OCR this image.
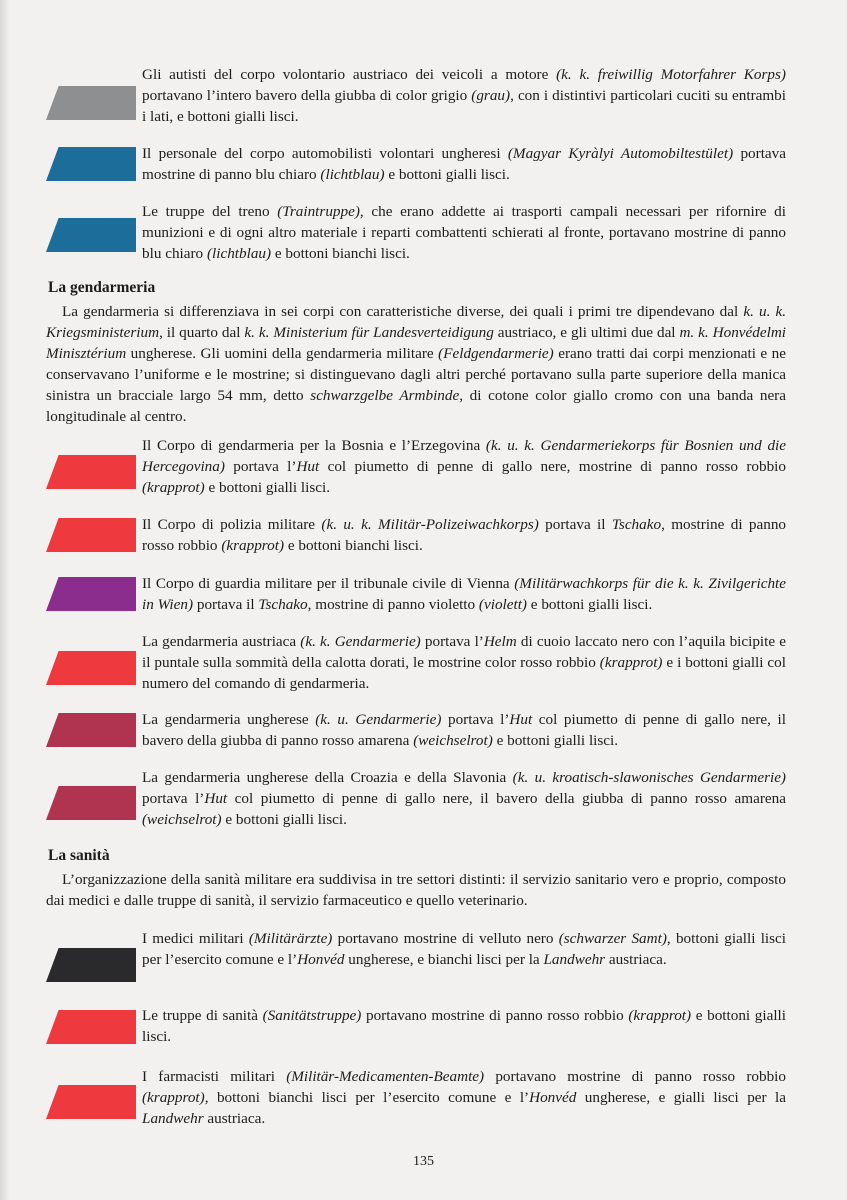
Gli autisti del corpo volontario austriaco dei veicoli a motore (k. k. freiwillig Motorfahrer Korps) portavano l’intero bavero della giubba di color grigio (grau), con i distintivi particolari cuciti su entrambi i lati, e bottoni gialli lisci.
Il personale del corpo automobilisti volontari ungheresi (Magyar Kyràlyi Automobiltestület) portava mostrine di panno blu chiaro (lichtblau) e bottoni gialli lisci.
Le truppe del treno (Traintruppe), che erano addette ai trasporti campali necessari per rifornire di munizioni e di ogni altro materiale i reparti combattenti schierati al fronte, portavano mostrine di panno blu chiaro (lichtblau) e bottoni bianchi lisci.
La gendarmeria
La gendarmeria si differenziava in sei corpi con caratteristiche diverse, dei quali i primi tre dipendevano dal k. u. k. Kriegsministerium, il quarto dal k. k. Ministerium für Landesverteidigung austriaco, e gli ultimi due dal m. k. Honvédelmi Minisztérium ungherese. Gli uomini della gendarmeria militare (Feldgendarmerie) erano tratti dai corpi menzionati e ne conservavano l’uniforme e le mostrine; si distinguevano dagli altri perché portavano sulla parte superiore della manica sinistra un bracciale largo 54 mm, detto schwarzgelbe Armbinde, di cotone color giallo cromo con una banda nera longitudinale al centro.
Il Corpo di gendarmeria per la Bosnia e l’Erzegovina (k. u. k. Gendarmeriekorps für Bosnien und die Hercegovina) portava l’Hut col piumetto di penne di gallo nere, mostrine di panno rosso robbio (krapprot) e bottoni gialli lisci.
Il Corpo di polizia militare (k. u. k. Militär-Polizeiwachkorps) portava il Tschako, mostrine di panno rosso robbio (krapprot) e bottoni bianchi lisci.
Il Corpo di guardia militare per il tribunale civile di Vienna (Militärwachkorps für die k. k. Zivilgerichte in Wien) portava il Tschako, mostrine di panno violetto (violett) e bottoni gialli lisci.
La gendarmeria austriaca (k. k. Gendarmerie) portava l’Helm di cuoio laccato nero con l’aquila bicipite e il puntale sulla sommità della calotta dorati, le mostrine color rosso robbio (krapprot) e i bottoni gialli col numero del comando di gendarmeria.
La gendarmeria ungherese (k. u. Gendarmerie) portava l’Hut col piumetto di penne di gallo nere, il bavero della giubba di panno rosso amarena (weichselrot) e bottoni gialli lisci.
La gendarmeria ungherese della Croazia e della Slavonia (k. u. kroatisch-slawonisches Gendarmerie) portava l’Hut col piumetto di penne di gallo nere, il bavero della giubba di panno rosso amarena (weichselrot) e bottoni gialli lisci.
La sanità
L’organizzazione della sanità militare era suddivisa in tre settori distinti: il servizio sanitario vero e proprio, composto dai medici e dalle truppe di sanità, il servizio farmaceutico e quello veterinario.
I medici militari (Militärärzte) portavano mostrine di velluto nero (schwarzer Samt), bottoni gialli lisci per l’esercito comune e l’Honvéd ungherese, e bianchi lisci per la Landwehr austriaca.
Le truppe di sanità (Sanitätstruppe) portavano mostrine di panno rosso robbio (krapprot) e bottoni gialli lisci.
I farmacisti militari (Militär-Medicamenten-Beamte) portavano mostrine di panno rosso robbio (krapprot), bottoni bianchi lisci per l’esercito comune e l’Honvéd ungherese, e gialli lisci per la Landwehr austriaca.
135
